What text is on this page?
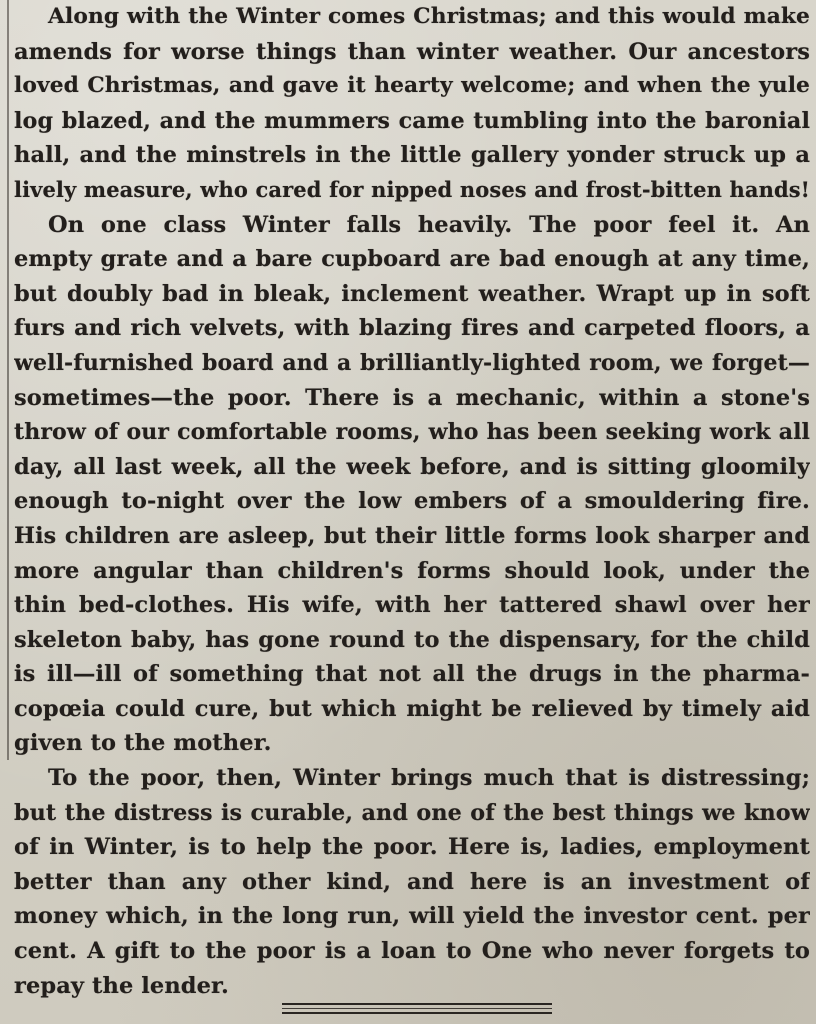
Along with the Winter comes Christmas; and this would make
amends for worse things than winter weather. Our ancestors
loved Christmas, and gave it hearty welcome; and when the yule
log blazed, and the mummers came tumbling into the baronial
hall, and the minstrels in the little gallery yonder struck up a
lively measure, who cared for nipped noses and frost-bitten hands!
On one class Winter falls heavily. The poor feel it. An
empty grate and a bare cupboard are bad enough at any time,
but doubly bad in bleak, inclement weather. Wrapt up in soft
furs and rich velvets, with blazing fires and carpeted floors, a
well-furnished board and a brilliantly-lighted room, we forget—
sometimes—the poor. There is a mechanic, within a stone's
throw of our comfortable rooms, who has been seeking work all
day, all last week, all the week before, and is sitting gloomily
enough to-night over the low embers of a smouldering fire.
His children are asleep, but their little forms look sharper and
more angular than children's forms should look, under the
thin bed-clothes. His wife, with her tattered shawl over her
skeleton baby, has gone round to the dispensary, for the child
is ill—ill of something that not all the drugs in the pharma-
copœia could cure, but which might be relieved by timely aid
given to the mother.
To the poor, then, Winter brings much that is distressing;
but the distress is curable, and one of the best things we know
of in Winter, is to help the poor. Here is, ladies, employment
better than any other kind, and here is an investment of
money which, in the long run, will yield the investor cent. per
cent. A gift to the poor is a loan to One who never forgets to
repay the lender.
